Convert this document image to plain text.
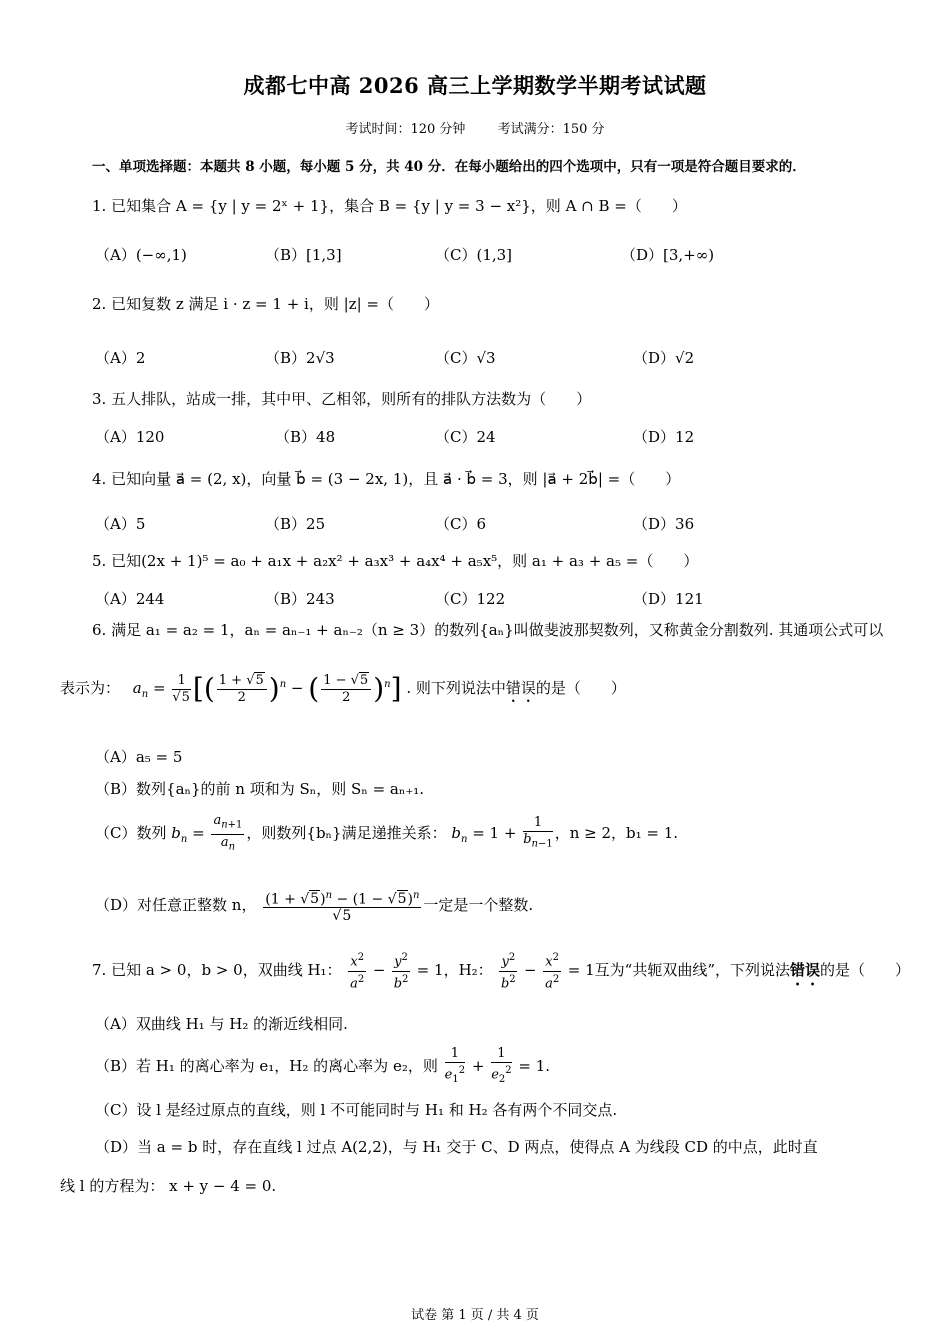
成都七中高 2026 高三上学期数学半期考试试题
考试时间：120 分钟 考试满分：150 分
一、单项选择题：本题共 8 小题，每小题 5 分，共 40 分．在每小题给出的四个选项中，只有一项是符合题目要求的．
1. 已知集合 A = {y | y = 2ˣ + 1}，集合 B = {y | y = 3 − x²}，则 A ∩ B =（　　）
（A）(−∞,1)	（B）[1,3]	（C）(1,3]	（D）[3,+∞)
2. 已知复数 z 满足 i · z = 1 + i，则 |z| =（　　）
（A）2	（B）2√3	（C）√3	（D）√2
3. 五人排队，站成一排，其中甲、乙相邻，则所有的排队方法数为（　　）
（A）120	（B）48	（C）24	（D）12
4. 已知向量 a⃗ = (2, x)，向量 b⃗ = (3 − 2x, 1)，且 a⃗ · b⃗ = 3，则 |a⃗ + 2b⃗| =（　　）
（A）5	（B）25	（C）6	（D）36
5. 已知(2x + 1)⁵ = a₀ + a₁x + a₂x² + a₃x³ + a₄x⁴ + a₅x⁵，则 a₁ + a₃ + a₅ =（　　）
（A）244	（B）243	（C）122	（D）121
6. 满足 a₁ = a₂ = 1，aₙ = aₙ₋₁ + aₙ₋₂（n ≥ 3）的数列{aₙ}叫做斐波那契数列，又称黄金分割数列. 其通项公式可以
表示为： $a_n = \frac{1}{√5}$ [( $\frac{1 + √5}{2} )^n$ − ( $\frac{1 - √5}{2} )^n$] . 则下列说法中错误的是（　　）
（A）a₅ = 5
（B）数列{aₙ}的前 n 项和为 Sₙ，则 Sₙ = aₙ₊₁.
（C）数列 $b_n = \frac{a_{n+1}}{a_n}$ ，则数列{bₙ}满足递推关系： $b_n = 1 + \frac{1}{b_{n-1}}$ ，n ≥ 2，b₁ = 1.
（D）对任意正整数 n， $\frac{(1 + √5)^n - (1 - √5)^n}{√5}$ 一定是一个整数.
7. 已知 a > 0，b > 0，双曲线 H₁： $\frac{x^2}{a^2} - \frac{y^2}{b^2} = 1$，H₂： $\frac{y^2}{b^2} - \frac{x^2}{a^2} = 1$互为“共轭双曲线”，下列说法错误的是（　　）
（A）双曲线 H₁ 与 H₂ 的渐近线相同.
（B）若 H₁ 的离心率为 e₁，H₂ 的离心率为 e₂，则 $\frac{1}{e_1^2} + \frac{1}{e_2^2} = 1$.
（C）设 l 是经过原点的直线，则 l 不可能同时与 H₁ 和 H₂ 各有两个不同交点.
（D）当 a = b 时，存在直线 l 过点 A(2,2)，与 H₁ 交于 C、D 两点，使得点 A 为线段 CD 的中点，此时直
线 l 的方程为： x + y − 4 = 0.
试卷 第 1 页 / 共 4 页
